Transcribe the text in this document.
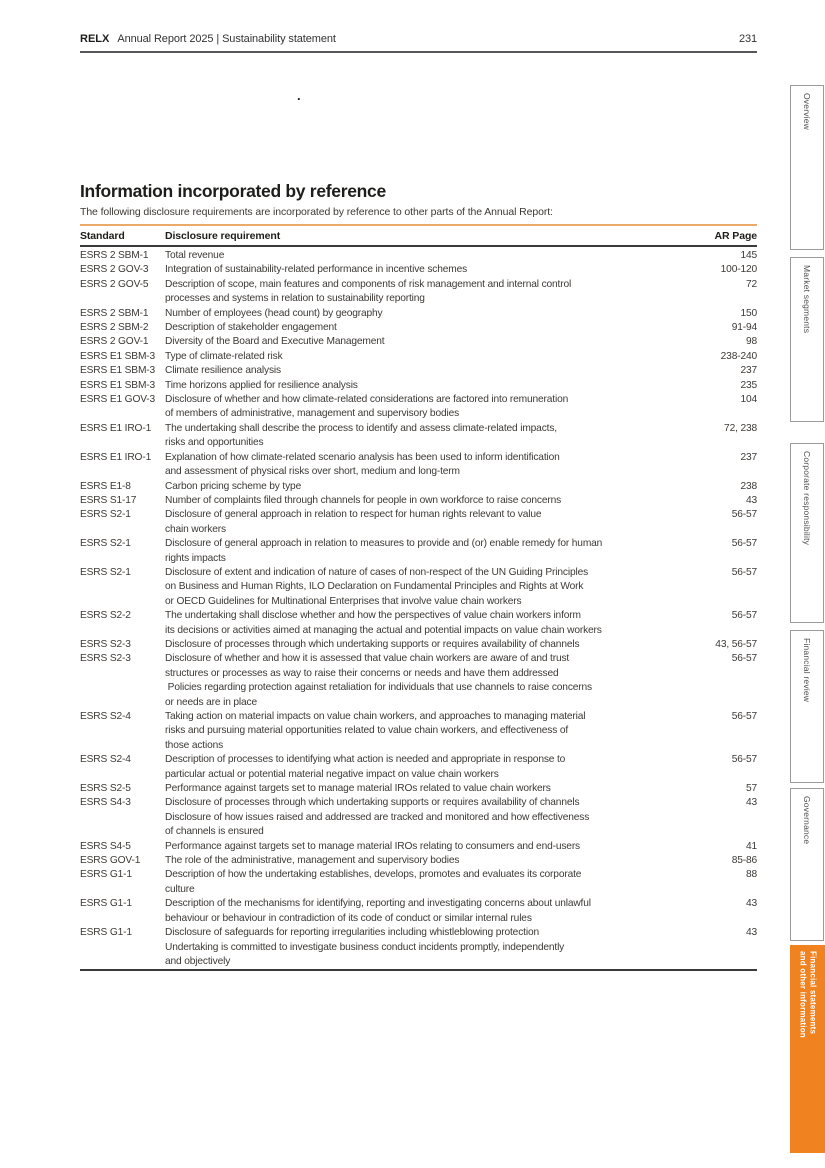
RELX Annual Report 2025 | Sustainability statement	231
.
Information incorporated by reference

The following disclosure requirements are incorporated by reference to other parts of the Annual Report:

Standard	Disclosure requirement	AR Page
ESRS 2 SBM-1	Total revenue	145
ESRS 2 GOV-3	Integration of sustainability-related performance in incentive schemes	100-120
ESRS 2 GOV-5	Description of scope, main features and components of risk management and internal control
processes and systems in relation to sustainability reporting	72
ESRS 2 SBM-1	Number of employees (head count) by geography	150
ESRS 2 SBM-2	Description of stakeholder engagement	91-94
ESRS 2 GOV-1	Diversity of the Board and Executive Management	98
ESRS E1 SBM-3	Type of climate-related risk	238-240
ESRS E1 SBM-3	Climate resilience analysis	237
ESRS E1 SBM-3	Time horizons applied for resilience analysis	235
ESRS E1 GOV-3	Disclosure of whether and how climate-related considerations are factored into remuneration
of members of administrative, management and supervisory bodies	104
ESRS E1 IRO-1	The undertaking shall describe the process to identify and assess climate-related impacts,
risks and opportunities	72, 238
ESRS E1 IRO-1	Explanation of how climate-related scenario analysis has been used to inform identification
and assessment of physical risks over short, medium and long-term	237
ESRS E1-8	Carbon pricing scheme by type	238
ESRS S1-17	Number of complaints filed through channels for people in own workforce to raise concerns	43
ESRS S2-1	Disclosure of general approach in relation to respect for human rights relevant to value
chain workers	56-57
ESRS S2-1	Disclosure of general approach in relation to measures to provide and (or) enable remedy for human
rights impacts	56-57
ESRS S2-1	Disclosure of extent and indication of nature of cases of non-respect of the UN Guiding Principles
on Business and Human Rights, ILO Declaration on Fundamental Principles and Rights at Work
or OECD Guidelines for Multinational Enterprises that involve value chain workers	56-57
ESRS S2-2	The undertaking shall disclose whether and how the perspectives of value chain workers inform
its decisions or activities aimed at managing the actual and potential impacts on value chain workers	56-57
ESRS S2-3	Disclosure of processes through which undertaking supports or requires availability of channels	43, 56-57
ESRS S2-3	Disclosure of whether and how it is assessed that value chain workers are aware of and trust
structures or processes as way to raise their concerns or needs and have them addressed
Policies regarding protection against retaliation for individuals that use channels to raise concerns
or needs are in place	56-57
ESRS S2-4	Taking action on material impacts on value chain workers, and approaches to managing material
risks and pursuing material opportunities related to value chain workers, and effectiveness of
those actions	56-57
ESRS S2-4	Description of processes to identifying what action is needed and appropriate in response to
particular actual or potential material negative impact on value chain workers	56-57
ESRS S2-5	Performance against targets set to manage material IROs related to value chain workers	57
ESRS S4-3	Disclosure of processes through which undertaking supports or requires availability of channels
Disclosure of how issues raised and addressed are tracked and monitored and how effectiveness
of channels is ensured	43
ESRS S4-5	Performance against targets set to manage material IROs relating to consumers and end-users	41
ESRS GOV-1	The role of the administrative, management and supervisory bodies	85-86
ESRS G1-1	Description of how the undertaking establishes, develops, promotes and evaluates its corporate
culture	88
ESRS G1-1	Description of the mechanisms for identifying, reporting and investigating concerns about unlawful
behaviour or behaviour in contradiction of its code of conduct or similar internal rules	43
ESRS G1-1	Disclosure of safeguards for reporting irregularities including whistleblowing protection
Undertaking is committed to investigate business conduct incidents promptly, independently
and objectively	43
Overview
Market segments
Corporate responsibility
Financial review
Governance
Financial statements
and other information
